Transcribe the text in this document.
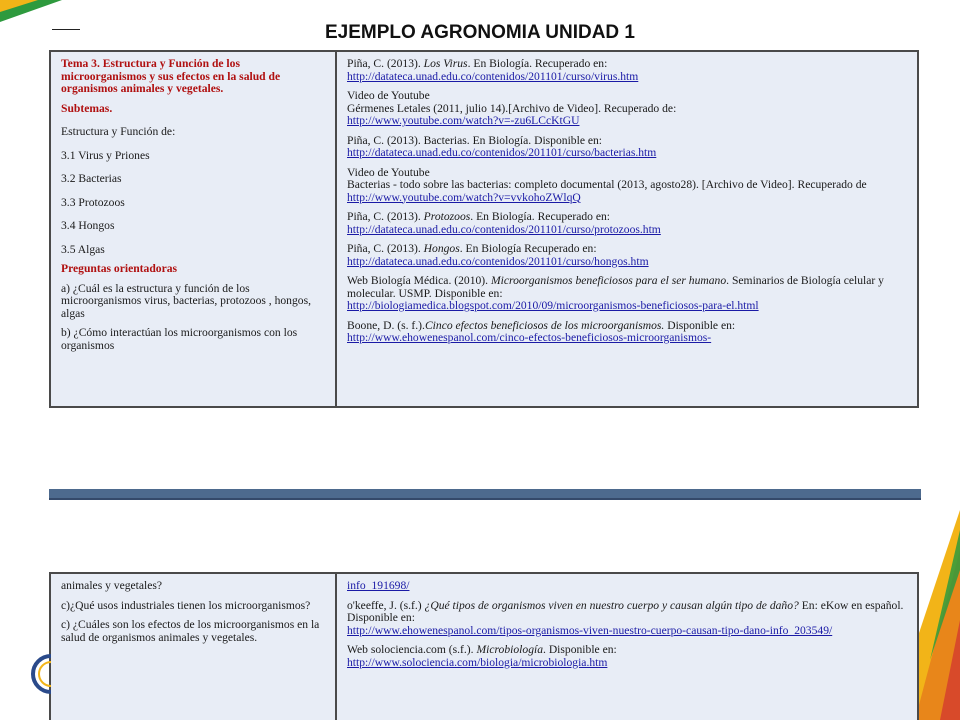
EJEMPLO AGRONOMIA UNIDAD 1
Tema 3. Estructura y Función de los microorganismos y sus efectos en la salud de organismos animales y vegetales.
Subtemas.
Estructura y Función de:
3.1 Virus y Priones
3.2 Bacterias
3.3 Protozoos
3.4 Hongos
3.5 Algas
Preguntas orientadoras
a) ¿Cuál es la estructura y función de los microorganismos virus, bacterias, protozoos , hongos, algas
b) ¿Cómo interactúan los microorganismos con los organismos
Piña, C. (2013). Los Virus. En Biología. Recuperado en:
http://datateca.unad.edu.co/contenidos/201101/curso/virus.htm
Video de Youtube
Gérmenes Letales (2011, julio 14).[Archivo de Video]. Recuperado de:
http://www.youtube.com/watch?v=-zu6LCcKtGU
Piña, C. (2013). Bacterias. En Biología. Disponible en:
http://datateca.unad.edu.co/contenidos/201101/curso/bacterias.htm
Video de Youtube
Bacterias - todo sobre las bacterias: completo documental (2013, agosto28). [Archivo de Video]. Recuperado de http://www.youtube.com/watch?v=vvkohoZWlqQ
Piña, C. (2013). Protozoos. En Biología. Recuperado en:
http://datateca.unad.edu.co/contenidos/201101/curso/protozoos.htm
Piña, C. (2013). Hongos. En Biología Recuperado en:
http://datateca.unad.edu.co/contenidos/201101/curso/hongos.htm
Web Biología Médica. (2010). Microorganismos beneficiosos para el ser humano. Seminarios de Biología celular y molecular. USMP. Disponible en:
http://biologiamedica.blogspot.com/2010/09/microorganismos-beneficiosos-para-el.html
Boone, D. (s. f.).Cinco efectos beneficiosos de los microorganismos. Disponible en:
http://www.ehowenespanol.com/cinco-efectos-beneficiosos-microorganismos-
animales y vegetales?
c)¿Qué usos industriales tienen los microorganismos?
c) ¿Cuáles son los efectos de los microorganismos en la salud de organismos animales y vegetales.
info_191698/
o'keeffe, J. (s.f.) ¿Qué tipos de organismos viven en nuestro cuerpo y causan algún tipo de daño? En: eKow en español. Disponible en:
http://www.ehowenespanol.com/tipos-organismos-viven-nuestro-cuerpo-causan-tipo-dano-info_203549/
Web solociencia.com (s.f.). Microbiología. Disponible en:
http://www.solociencia.com/biologia/microbiologia.htm
